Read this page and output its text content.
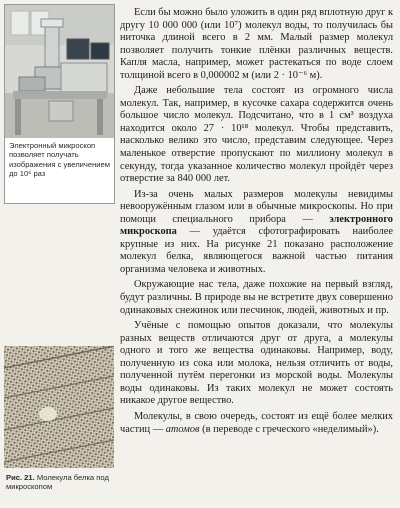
Электронный микроскоп позволяет получать изображения с увеличением до 10⁶ раз
Рис. 21. Молекула белка под микроскопом

Если бы можно было уложить в один ряд вплотную друг к другу 10 000 000 (или 10⁷) молекул воды, то получилась бы ниточка длиной всего в 2 мм. Малый размер молекул позволяет получить тонкие плёнки различных веществ. Капля масла, например, может растекаться по воде слоем толщиной всего в 0,000002 м (или 2 · 10⁻⁶ м).

Даже небольшие тела состоят из огромного числа молекул. Так, например, в кусочке сахара содержится очень большое число молекул. Подсчитано, что в 1 см³ воздуха находится около 27 · 10¹⁸ молекул. Чтобы представить, насколько велико это число, представим следующее. Через маленькое отверстие пропускают по миллиону молекул в секунду, тогда указанное количество молекул пройдёт через отверстие за 840 000 лет.

Из-за очень малых размеров молекулы невидимы невооружённым глазом или в обычные микроскопы. Но при помощи специального прибора — электронного микроскопа — удаётся сфотографировать наиболее крупные из них. На рисунке 21 показано расположение молекул белка, являющегося важной частью питания организма человека и животных.

Окружающие нас тела, даже похожие на первый взгляд, будут различны. В природе вы не встретите двух совершенно одинаковых снежинок или песчинок, людей, животных и пр.

Учёные с помощью опытов доказали, что молекулы разных веществ отличаются друг от друга, а молекулы одного и того же вещества одинаковы. Например, воду, полученную из сока или молока, нельзя отличить от воды, полученной путём перегонки из морской воды. Молекулы воды одинаковы. Из таких молекул не может состоять никакое другое вещество.

Молекулы, в свою очередь, состоят из ещё более мелких частиц — атомов (в переводе с греческого «неделимый»).
